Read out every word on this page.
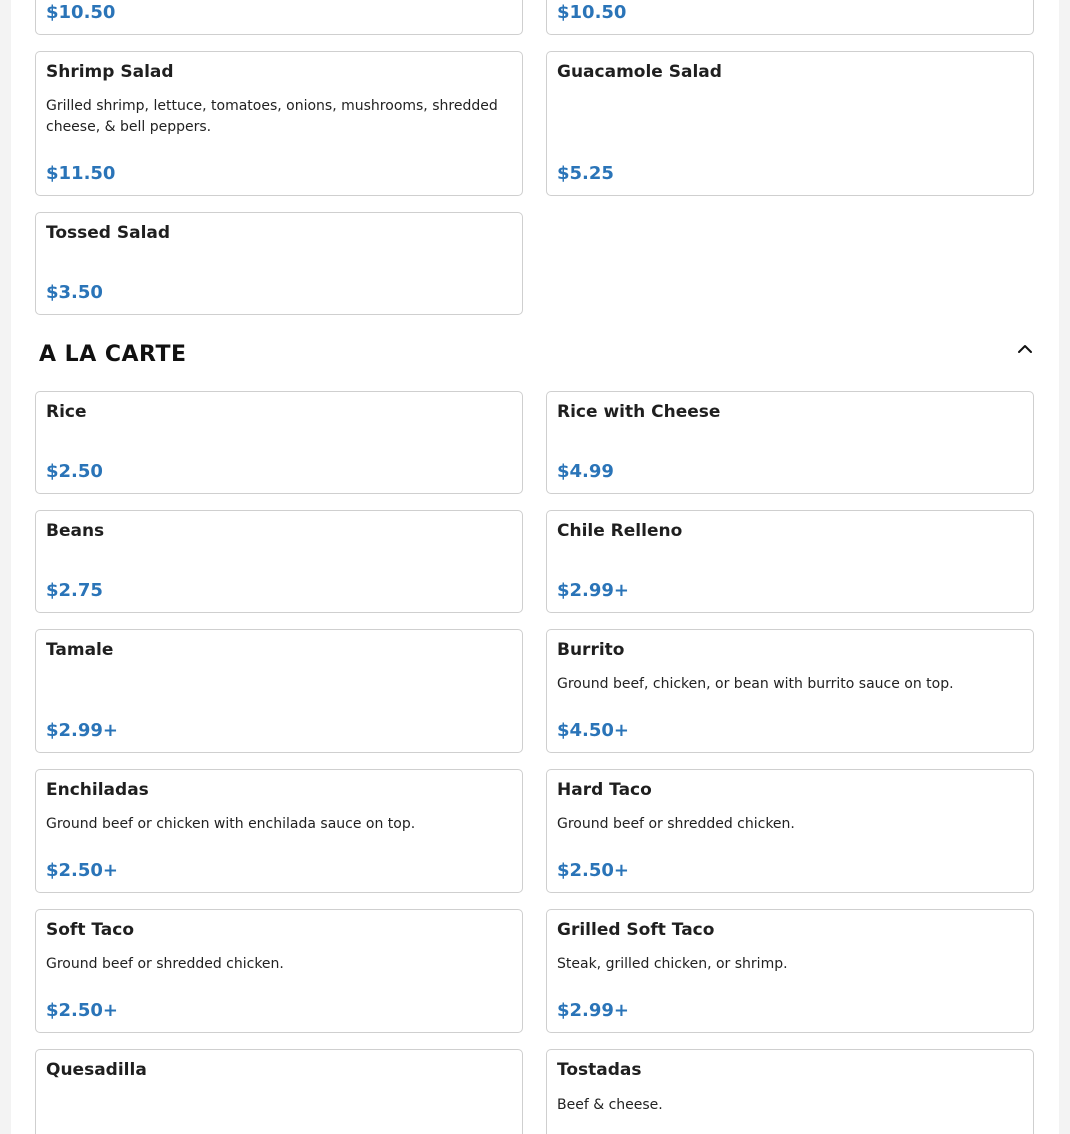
$10.50	$10.50
Shrimp Salad
Grilled shrimp, lettuce, tomatoes, onions, mushrooms, shredded cheese, & bell peppers.
$11.50
Guacamole Salad
$5.25
Tossed Salad
$3.50
A LA CARTE
Rice
$2.50
Rice with Cheese
$4.99
Beans
$2.75
Chile Relleno
$2.99+
Tamale
$2.99+
Burrito
Ground beef, chicken, or bean with burrito sauce on top.
$4.50+
Enchiladas
Ground beef or chicken with enchilada sauce on top.
$2.50+
Hard Taco
Ground beef or shredded chicken.
$2.50+
Soft Taco
Ground beef or shredded chicken.
$2.50+
Grilled Soft Taco
Steak, grilled chicken, or shrimp.
$2.99+
Quesadilla	Tostadas
Beef & cheese.
